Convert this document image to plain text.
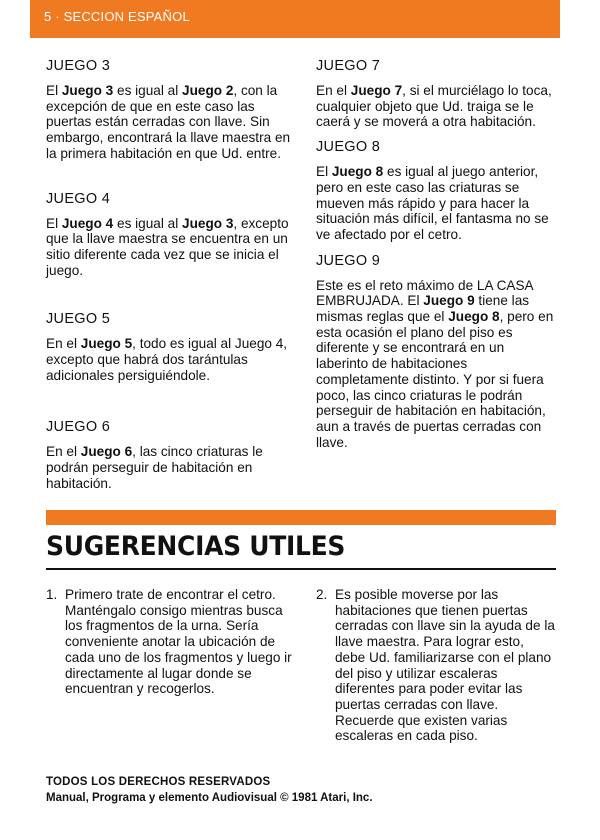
5 · SECCION ESPAÑOL

JUEGO 3

El Juego 3 es igual al Juego 2, con la excepción de que en este caso las puertas están cerradas con llave. Sin embargo, encontrará la llave maestra en la primera habitación en que Ud. entre.

JUEGO 4

El Juego 4 es igual al Juego 3, excepto que la llave maestra se encuentra en un sitio diferente cada vez que se inicia el juego.

JUEGO 5

En el Juego 5, todo es igual al Juego 4, excepto que habrá dos tarántulas adicionales persiguiéndole.

JUEGO 6

En el Juego 6, las cinco criaturas le podrán perseguir de habitación en habitación.

JUEGO 7

En el Juego 7, si el murciélago lo toca, cualquier objeto que Ud. traiga se le caerá y se moverá a otra habitación.

JUEGO 8

El Juego 8 es igual al juego anterior, pero en este caso las criaturas se mueven más rápido y para hacer la situación más difícil, el fantasma no se ve afectado por el cetro.

JUEGO 9

Este es el reto máximo de LA CASA EMBRUJADA. El Juego 9 tiene las mismas reglas que el Juego 8, pero en esta ocasión el plano del piso es diferente y se encontrará en un laberinto de habitaciones completamente distinto. Y por si fuera poco, las cinco criaturas le podrán perseguir de habitación en habitación, aun a través de puertas cerradas con llave.

SUGERENCIAS UTILES
1. Primero trate de encontrar el cetro. Manténgalo consigo mientras busca los fragmentos de la urna. Sería conveniente anotar la ubicación de cada uno de los fragmentos y luego ir directamente al lugar donde se encuentran y recogerlos.
2. Es posible moverse por las habitaciones que tienen puertas cerradas con llave sin la ayuda de la llave maestra. Para lograr esto, debe Ud. familiarizarse con el plano del piso y utilizar escaleras diferentes para poder evitar las puertas cerradas con llave. Recuerde que existen varias escaleras en cada piso.
TODOS LOS DERECHOS RESERVADOS
Manual, Programa y elemento Audiovisual © 1981 Atari, Inc.
